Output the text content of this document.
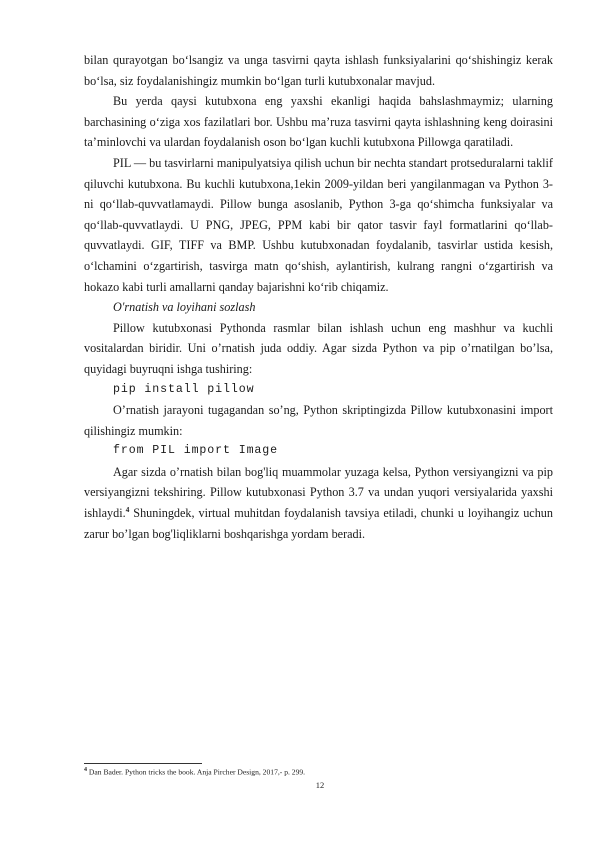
bilan qurayotgan bo‘lsangiz va unga tasvirni qayta ishlash funksiyalarini qo‘shishingiz kerak bo‘lsa, siz foydalanishingiz mumkin bo‘lgan turli kutubxonalar mavjud.

Bu yerda qaysi kutubxona eng yaxshi ekanligi haqida bahslashmaymiz; ularning barchasining o‘ziga xos fazilatlari bor. Ushbu ma’ruza tasvirni qayta ishlashning keng doirasini ta’minlovchi va ulardan foydalanish oson bo‘lgan kuchli kutubxona Pillowga qaratiladi.

PIL — bu tasvirlarni manipulyatsiya qilish uchun bir nechta standart protseduralarni taklif qiluvchi kutubxona. Bu kuchli kutubxona,1ekin 2009-yildan beri yangilanmagan va Python 3-ni qo‘llab-quvvatlamaydi. Pillow bunga asoslanib, Python 3-ga qo‘shimcha funksiyalar va qo‘llab-quvvatlaydi. U PNG, JPEG, PPM kabi bir qator tasvir fayl formatlarini qo‘llab-quvvatlaydi. GIF, TIFF va BMP. Ushbu kutubxonadan foydalanib, tasvirlar ustida kesish, o‘lchamini o‘zgartirish, tasvirga matn qo‘shish, aylantirish, kulrang rangni o‘zgartirish va hokazo kabi turli amallarni qanday bajarishni ko‘rib chiqamiz.

O'rnatish va loyihani sozlash

Pillow kutubxonasi Pythonda rasmlar bilan ishlash uchun eng mashhur va kuchli vositalardan biridir. Uni o’rnatish juda oddiy. Agar sizda Python va pip o’rnatilgan bo’lsa, quyidagi buyruqni ishga tushiring:

pip install pillow

O’rnatish jarayoni tugagandan so’ng, Python skriptingizda Pillow kutubxonasini import qilishingiz mumkin:

from PIL import Image

Agar sizda o’rnatish bilan bog'liq muammolar yuzaga kelsa, Python versiyangizni va pip versiyangizni tekshiring. Pillow kutubxonasi Python 3.7 va undan yuqori versiyalarida yaxshi ishlaydi.$^4$ Shuningdek, virtual muhitdan foydalanish tavsiya etiladi, chunki u loyihangiz uchun zarur bo’lgan bog'liqliklarni boshqarishga yordam beradi.

$^4$ Dan Bader. Python tricks the book. Anja Pircher Design, 2017,- p. 299.
12
